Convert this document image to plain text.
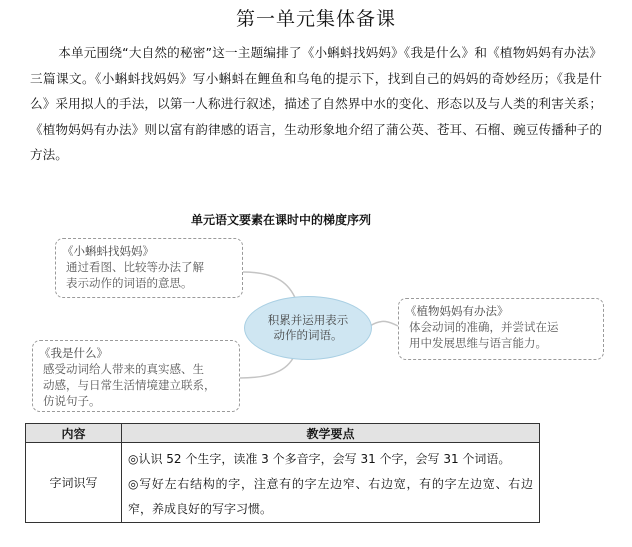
第一单元集体备课
本单元围绕“大自然的秘密”这一主题编排了《小蝌蚪找妈妈》《我是什么》和《植物妈妈有办法》三篇课文。《小蝌蚪找妈妈》写小蝌蚪在鲤鱼和乌龟的提示下，找到自己的妈妈的奇妙经历；《我是什么》采用拟人的手法，以第一人称进行叙述，描述了自然界中水的变化、形态以及与人类的利害关系；《植物妈妈有办法》则以富有韵律感的语言，生动形象地介绍了蒲公英、苍耳、石榴、豌豆传播种子的方法。
单元语文要素在课时中的梯度序列
《小蝌蚪找妈妈》
通过看图、比较等办法了解
表示动作的词语的意思。
《我是什么》
感受动词给人带来的真实感、生
动感，与日常生活情境建立联系，
仿说句子。
《植物妈妈有办法》
体会动词的准确，并尝试在运
用中发展思维与语言能力。
积累并运用表示
动作的词语。
内容	教学要点
字词识写	◎认识 52 个生字，读准 3 个多音字，会写 31 个字，会写 31 个词语。
◎写好左右结构的字，注意有的字左边窄、右边宽，有的字左边宽、右边窄，养成良好的写字习惯。
